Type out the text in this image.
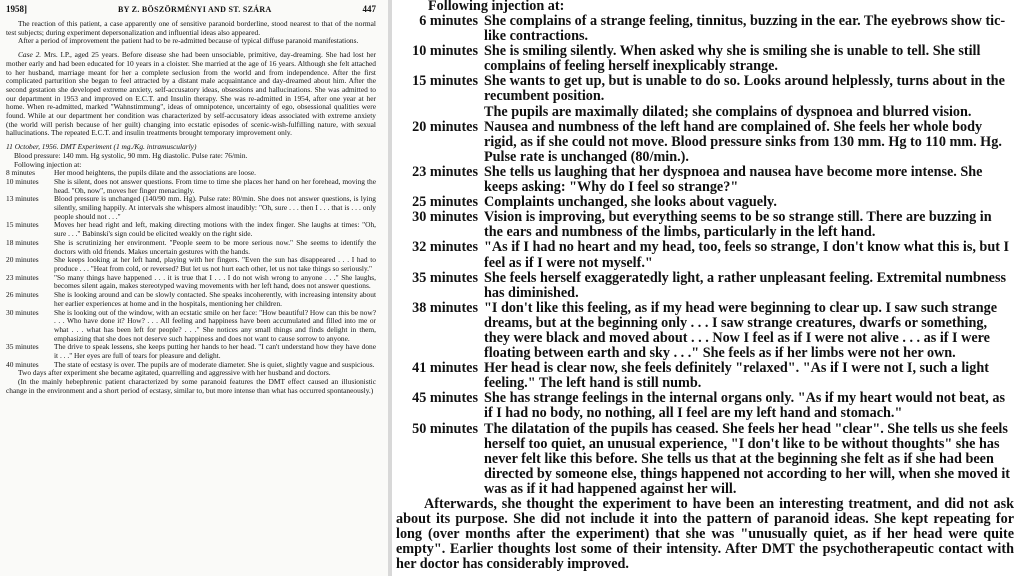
1958]	BY Z. BÖSZÖRMÉNYI AND ST. SZÁRA	447

The reaction of this patient, a case apparently one of sensitive paranoid borderline, stood nearest to that of the normal test subjects; during experiment depersonalization and influential ideas also appeared.

After a period of improvement the patient had to be re-admitted because of typical diffuse paranoid manifestations.

Case 2. Mrs. I.P., aged 25 years. Before disease she had been unsociable, primitive, day-dreaming. She had lost her mother early and had been educated for 10 years in a cloister. She married at the age of 16 years. Although she felt attached to her husband, marriage meant for her a complete seclusion from the world and from independence. After the first complicated parturition she began to feel attracted by a distant male acquaintance and day-dreamed about him. After the second gestation she developed extreme anxiety, self-accusatory ideas, obsessions and hallucinations. She was admitted to our department in 1953 and improved on E.C.T. and Insulin therapy. She was re-admitted in 1954, after one year at her home. When re-admitted, marked "Wahnstimmung", ideas of omnipotence, uncertainty of ego, obsessional qualities were found. While at our department her condition was characterized by self-accusatory ideas associated with extreme anxiety (the world will perish because of her guilt) changing into ecstatic episodes of scenic-wish-fulfilling nature, with sexual hallucinations. The repeated E.C.T. and insulin treatments brought temporary improvement only.

11 October, 1956. DMT Experiment (1 mg./Kg. intramuscularly)
Blood pressure: 140 mm. Hg systolic, 90 mm. Hg diastolic. Pulse rate: 76/min.
Following injection at:
8 minutes	Her mood heightens, the pupils dilate and the associations are loose.
10 minutes	She is silent, does not answer questions. From time to time she places her hand on her forehead, moving the head. "Oh, now", moves her finger menacingly.
13 minutes	Blood pressure is unchanged (140/90 mm. Hg). Pulse rate: 80/min. She does not answer questions, is lying silently, smiling happily. At intervals she whispers almost inaudibly: "Oh, sure . . . then I . . . that is . . . only people should not . . ."
15 minutes	Moves her head right and left, making directing motions with the index finger. She laughs at times: "Oh, sure . . ." Babinski's sign could be elicited weakly on the right side.
18 minutes	She is scrutinizing her environment. "People seem to be more serious now." She seems to identify the doctors with old friends. Makes uncertain gestures with the hands.
20 minutes	She keeps looking at her left hand, playing with her fingers. "Even the sun has disappeared . . . I had to produce . . . "Heat from cold, or reversed? But let us not hurt each other, let us not take things so seriously."
23 minutes	"So many things have happened . . . it is true that I . . . I do not wish wrong to anyone . . ." She laughs, becomes silent again, makes stereotyped waving movements with her left hand, does not answer questions.
26 minutes	She is looking around and can be slowly contacted. She speaks incoherently, with increasing intensity about her earlier experiences at home and in the hospitals, mentioning her children.
30 minutes	She is looking out of the window, with an ecstatic smile on her face: "How beautiful? How can this be now? . . . Who have done it? How? . . . All feeling and happiness have been accumulated and filled into me or what . . . what has been left for people? . . ." She notices any small things and finds delight in them, emphasizing that she does not deserve such happiness and does not want to cause sorrow to anyone.
35 minutes	The drive to speak lessens, she keeps putting her hands to her head. "I can't understand how they have done it . . ." Her eyes are full of tears for pleasure and delight.
40 minutes	The state of ecstasy is over. The pupils are of moderate diameter. She is quiet, slightly vague and suspicious.

Two days after experiment she became agitated, quarrelling and aggressive with her husband and doctors.

(In the mainly hebephrenic patient characterized by some paranoid features the DMT effect caused an illusionistic change in the environment and a short period of ecstasy, similar to, but more intense than what has occurred spontaneously.)

Following injection at:
6 minutes She complains of a strange feeling, tinnitus, buzzing in the ear. The eyebrows show tic-like contractions.
10 minutes She is smiling silently. When asked why she is smiling she is unable to tell. She still complains of feeling herself inexplicably strange.
15 minutes She wants to get up, but is unable to do so. Looks around helplessly, turns about in the recumbent position.
The pupils are maximally dilated; she complains of dyspnoea and blurred vision.
20 minutes Nausea and numbness of the left hand are complained of. She feels her whole body rigid, as if she could not move. Blood pressure sinks from 130 mm. Hg to 110 mm. Hg. Pulse rate is unchanged (80/min.).
23 minutes She tells us laughing that her dyspnoea and nausea have become more intense. She keeps asking: "Why do I feel so strange?"
25 minutes Complaints unchanged, she looks about vaguely.
30 minutes Vision is improving, but everything seems to be so strange still. There are buzzing in the ears and numbness of the limbs, particularly in the left hand.
32 minutes "As if I had no heart and my head, too, feels so strange, I don't know what this is, but I feel as if I were not myself."
35 minutes She feels herself exaggeratedly light, a rather unpleasant feeling. Extremital numbness has diminished.
38 minutes "I don't like this feeling, as if my head were beginning to clear up. I saw such strange dreams, but at the beginning only . . . I saw strange creatures, dwarfs or something, they were black and moved about . . . Now I feel as if I were not alive . . . as if I were floating between earth and sky . . ." She feels as if her limbs were not her own.
41 minutes Her head is clear now, she feels definitely "relaxed". "As if I were not I, such a light feeling." The left hand is still numb.
45 minutes She has strange feelings in the internal organs only. "As if my heart would not beat, as if I had no body, no nothing, all I feel are my left hand and stomach."
50 minutes The dilatation of the pupils has ceased. She feels her head "clear". She tells us she feels herself too quiet, an unusual experience, "I don't like to be without thoughts" she has never felt like this before. She tells us that at the beginning she felt as if she had been directed by someone else, things happened not according to her will, when she moved it was as if it had happened against her will.

Afterwards, she thought the experiment to have been an interesting treatment, and did not ask about its purpose. She did not include it into the pattern of paranoid ideas. She kept repeating for long (over months after the experiment) that she was "unusually quiet, as if her head were quite empty". Earlier thoughts lost some of their intensity. After DMT the psychotherapeutic contact with her doctor has considerably improved.
